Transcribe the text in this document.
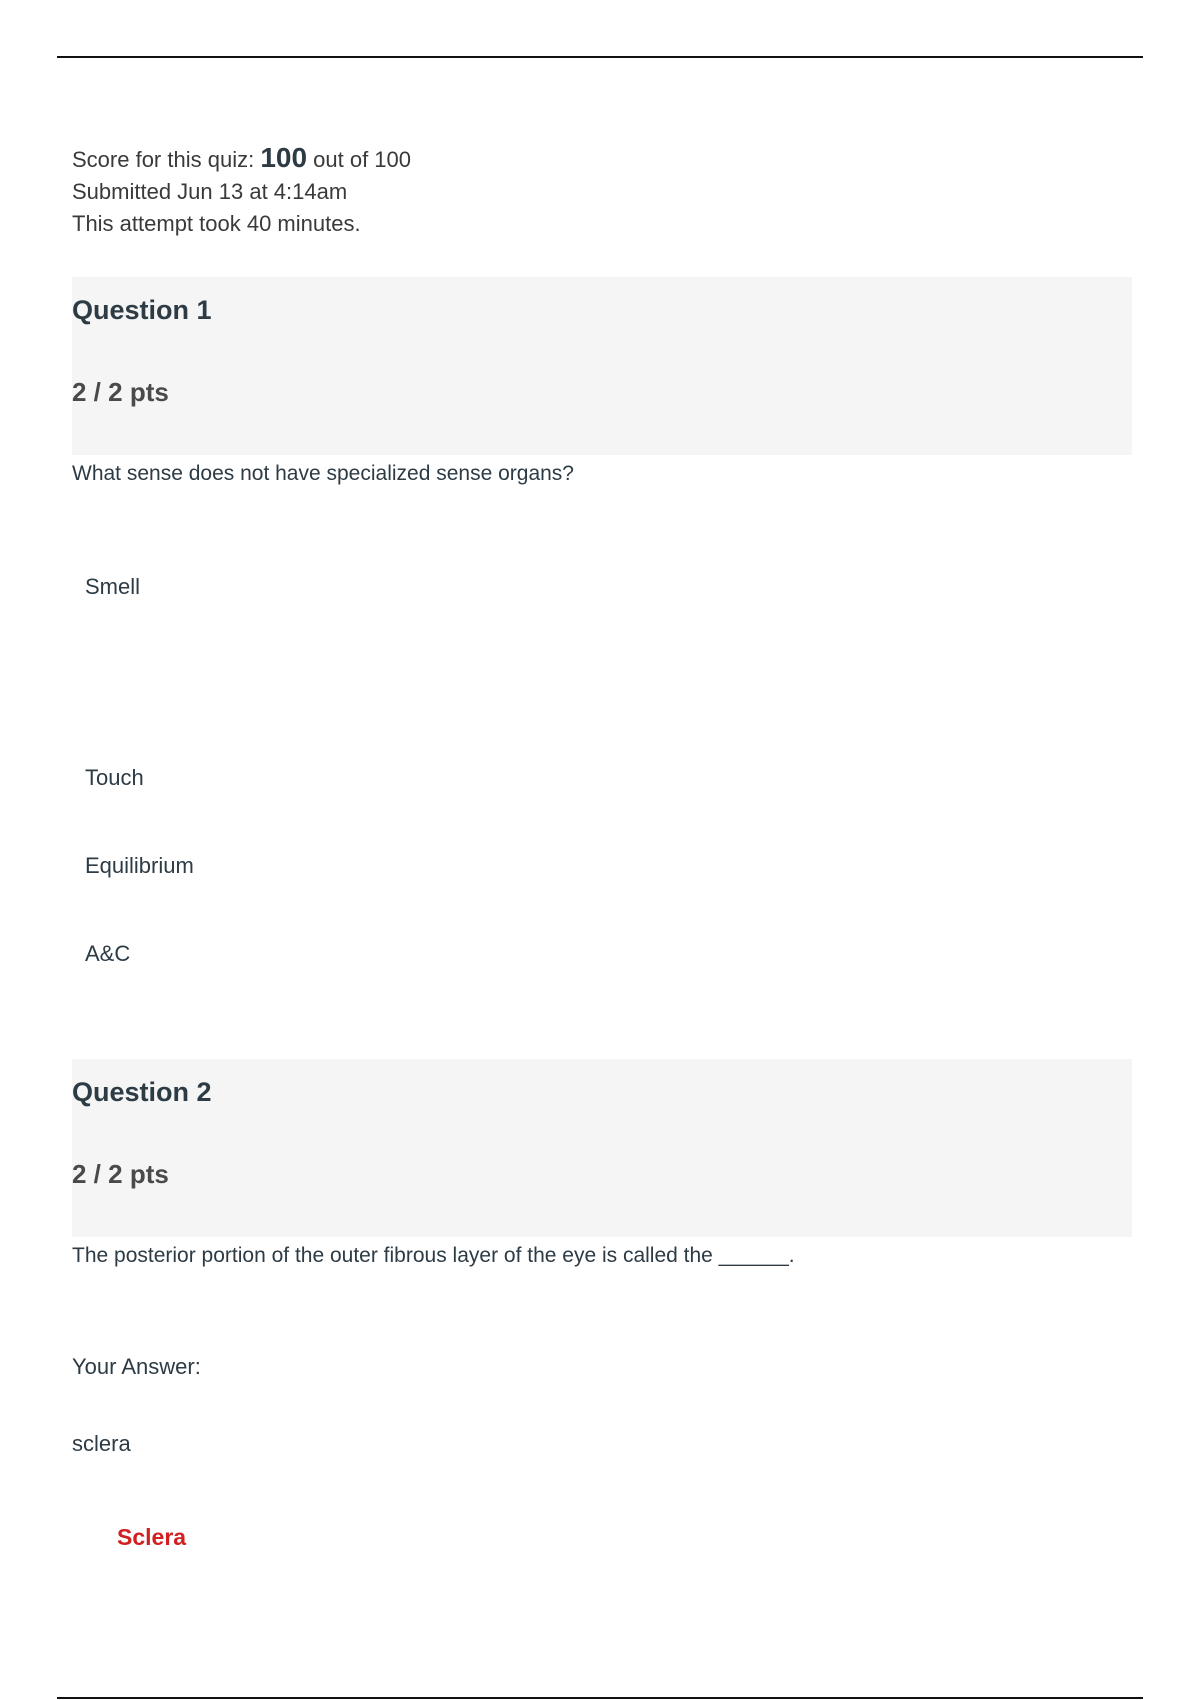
Score for this quiz: 100 out of 100
Submitted Jun 13 at 4:14am
This attempt took 40 minutes.
Question 1
2 / 2 pts
What sense does not have specialized sense organs?
Smell
Touch
Equilibrium
A&C
Question 2
2 / 2 pts
The posterior portion of the outer fibrous layer of the eye is called the ______.
Your Answer:
sclera
Sclera
